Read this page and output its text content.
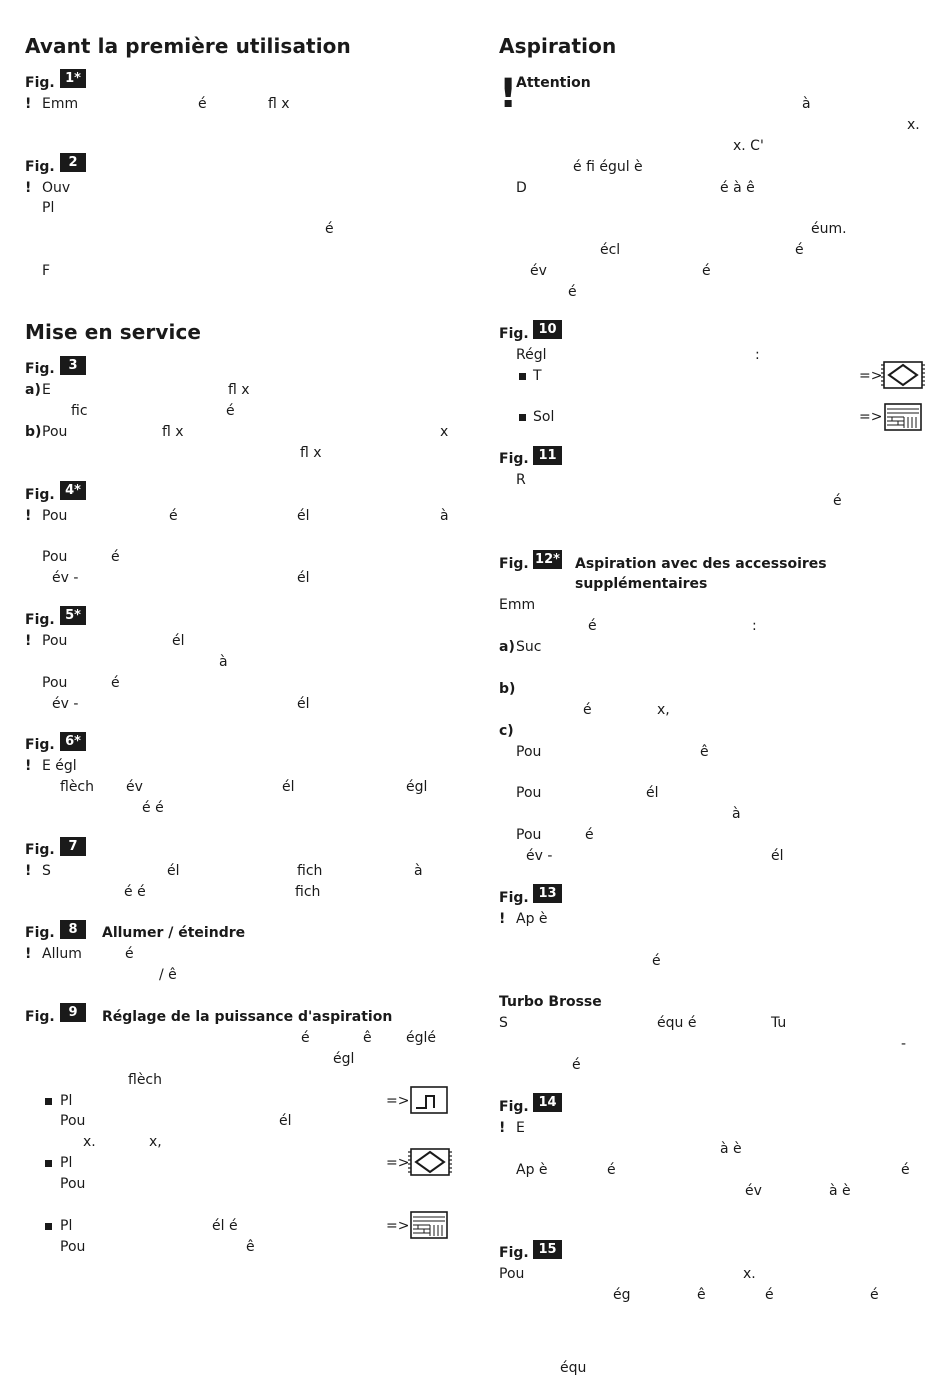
Avant la première utilisation
Fig. 1*
! Emm	é	fl x
Fig.	2
! Ouv
Pl
é
F
Mise en service
Fig.	3
a) E	fl x
fic	é
b) Pou	fl x	x
fl x
Fig. 4*
! Pou	é	él	à
Pou	é
év -	él
Fig. 5*
! Pou	él
à
Pou	é
év -	él
Fig. 6*
! E égl
flèch év	él	égl
é é
Fig.	7
! S	él	fich	à
é é	fich
Fig.	8	Allumer / éteindre
! Allum	é
/ ê
Fig.	9	Réglage de la puissance d'aspiration
é	ê églé
égl
flèch
Pl	=>
Pou	él
x.	x,
Pl	=>
Pou
Pl	él é	=>
Pou	ê
Aspiration
!
Attention
à
x.
x. C'
é fi égul è
D	é à ê
éum.
écl	é
év	é
é
Fig. 10
Régl	:
T	=>
Sol	=>
Fig. 11
R
é
Fig. 12* Aspiration avec des accessoires
supplémentaires
Emm
é	:
a) Suc
b)
é	x,
c)
Pou	ê
Pou	él
à
Pou	é
év -	él
Fig. 13
! Ap è
é
Turbo Brosse
S	équ é	Tu
-
é
Fig. 14
! E
à è
Ap è	é	é
év	à è
Fig. 15
Pou	x.
ég	ê	é	é
équ
